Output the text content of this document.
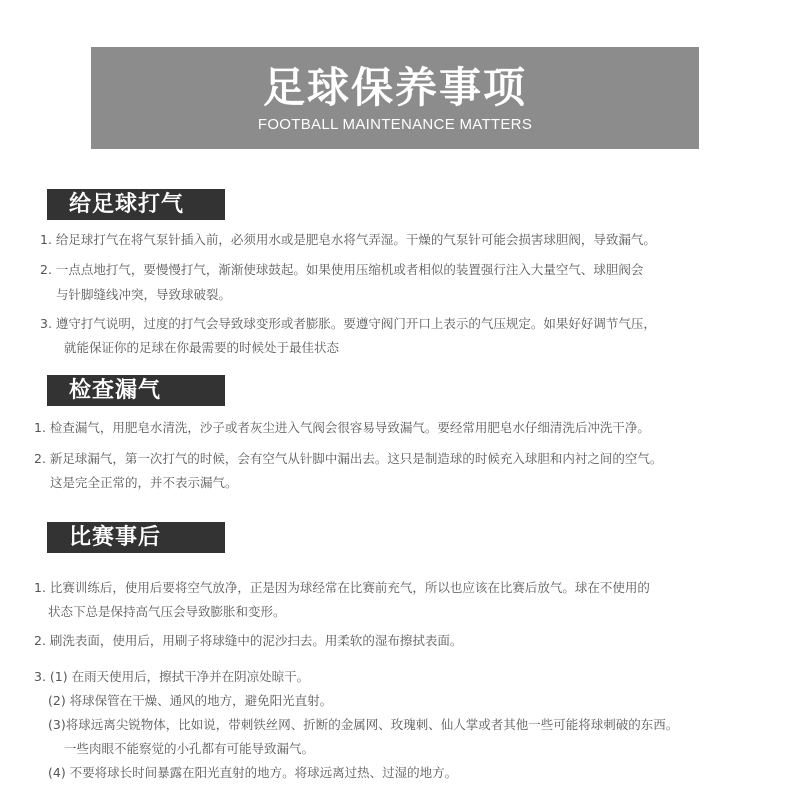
足球保养事项
FOOTBALL MAINTENANCE MATTERS
给足球打气
1. 给足球打气在将气泵针插入前，必须用水或是肥皂水将气弄湿。干燥的气泵针可能会损害球胆阀，导致漏气。
2. 一点点地打气，要慢慢打气，渐渐使球鼓起。如果使用压缩机或者相似的装置强行注入大量空气、球胆阀会
与针脚缝线冲突，导致球破裂。
3. 遵守打气说明，过度的打气会导致球变形或者膨胀。要遵守阀门开口上表示的气压规定。如果好好调节气压，
就能保证你的足球在你最需要的时候处于最佳状态
检查漏气
1. 检查漏气，用肥皂水清洗，沙子或者灰尘进入气阀会很容易导致漏气。要经常用肥皂水仔细清洗后冲洗干净。
2. 新足球漏气，第一次打气的时候，会有空气从针脚中漏出去。这只是制造球的时候充入球胆和内衬之间的空气。
这是完全正常的，并不表示漏气。
比赛事后
1. 比赛训练后，使用后要将空气放净，正是因为球经常在比赛前充气，所以也应该在比赛后放气。球在不使用的
状态下总是保持高气压会导致膨胀和变形。
2. 刷洗表面，使用后，用刷子将球缝中的泥沙扫去。用柔软的湿布擦拭表面。
3. (1) 在雨天使用后，擦拭干净并在阴凉处晾干。
(2) 将球保管在干燥、通风的地方，避免阳光直射。
(3)将球远离尖锐物体，比如说，带刺铁丝网、折断的金属网、玫瑰刺、仙人掌或者其他一些可能将球刺破的东西。
一些肉眼不能察觉的小孔都有可能导致漏气。
(4) 不要将球长时间暴露在阳光直射的地方。将球远离过热、过湿的地方。
